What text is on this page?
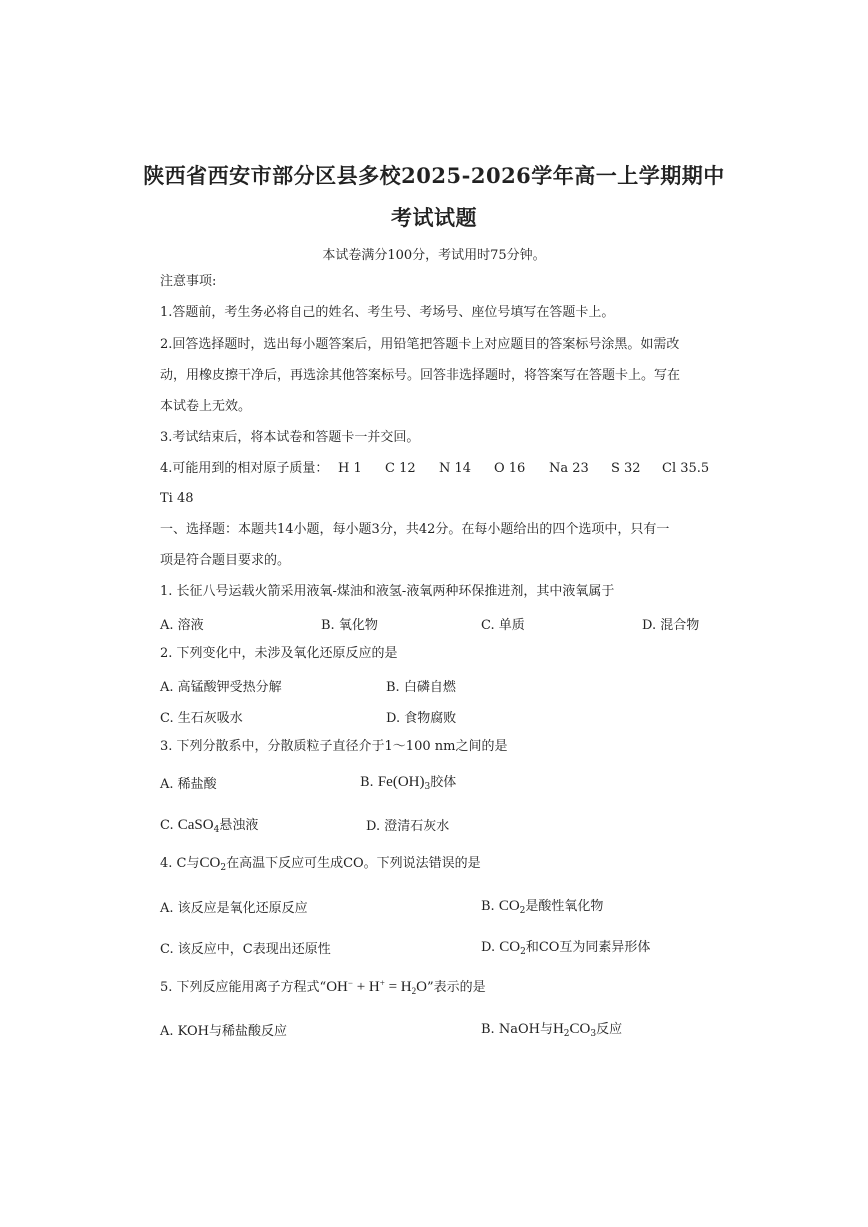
陕西省西安市部分区县多校2025-2026学年高一上学期期中
考试试题
本试卷满分100分，考试用时75分钟。
注意事项:
1.答题前，考生务必将自己的姓名、考生号、考场号、座位号填写在答题卡上。
2.回答选择题时，选出每小题答案后，用铅笔把答题卡上对应题目的答案标号涂黑。如需改
动，用橡皮擦干净后，再选涂其他答案标号。回答非选择题时，将答案写在答题卡上。写在
本试卷上无效。
3.考试结束后，将本试卷和答题卡一并交回。
4.可能用到的相对原子质量： H 1 C 12 N 14 O 16 Na 23 S 32 Cl 35.5
Ti 48
一、选择题：本题共14小题，每小题3分，共42分。在每小题给出的四个选项中，只有一
项是符合题目要求的。
1. 长征八号运载火箭采用液氧-煤油和液氢-液氧两种环保推进剂，其中液氧属于
A. 溶液	B. 氧化物	C. 单质	D. 混合物
2. 下列变化中，未涉及氧化还原反应的是
A. 高锰酸钾受热分解	B. 白磷自燃
C. 生石灰吸水	D. 食物腐败
3. 下列分散系中，分散质粒子直径介于1～100 nm之间的是
A. 稀盐酸	B. $Fe(OH)_3$胶体
C. CaSO$_4$悬浊液	D. 澄清石灰水
4. C与$CO_2$在高温下反应可生成CO。下列说法错误的是
A. 该反应是氧化还原反应	B. $CO_2$是酸性氧化物
C. 该反应中，C表现出还原性	D. $CO_2$和CO互为同素异形体
5. 下列反应能用离子方程式“$OH^- + H^+ = H_2O$”表示的是
A. KOH与稀盐酸反应	B. NaOH与$H_2CO_3$反应
